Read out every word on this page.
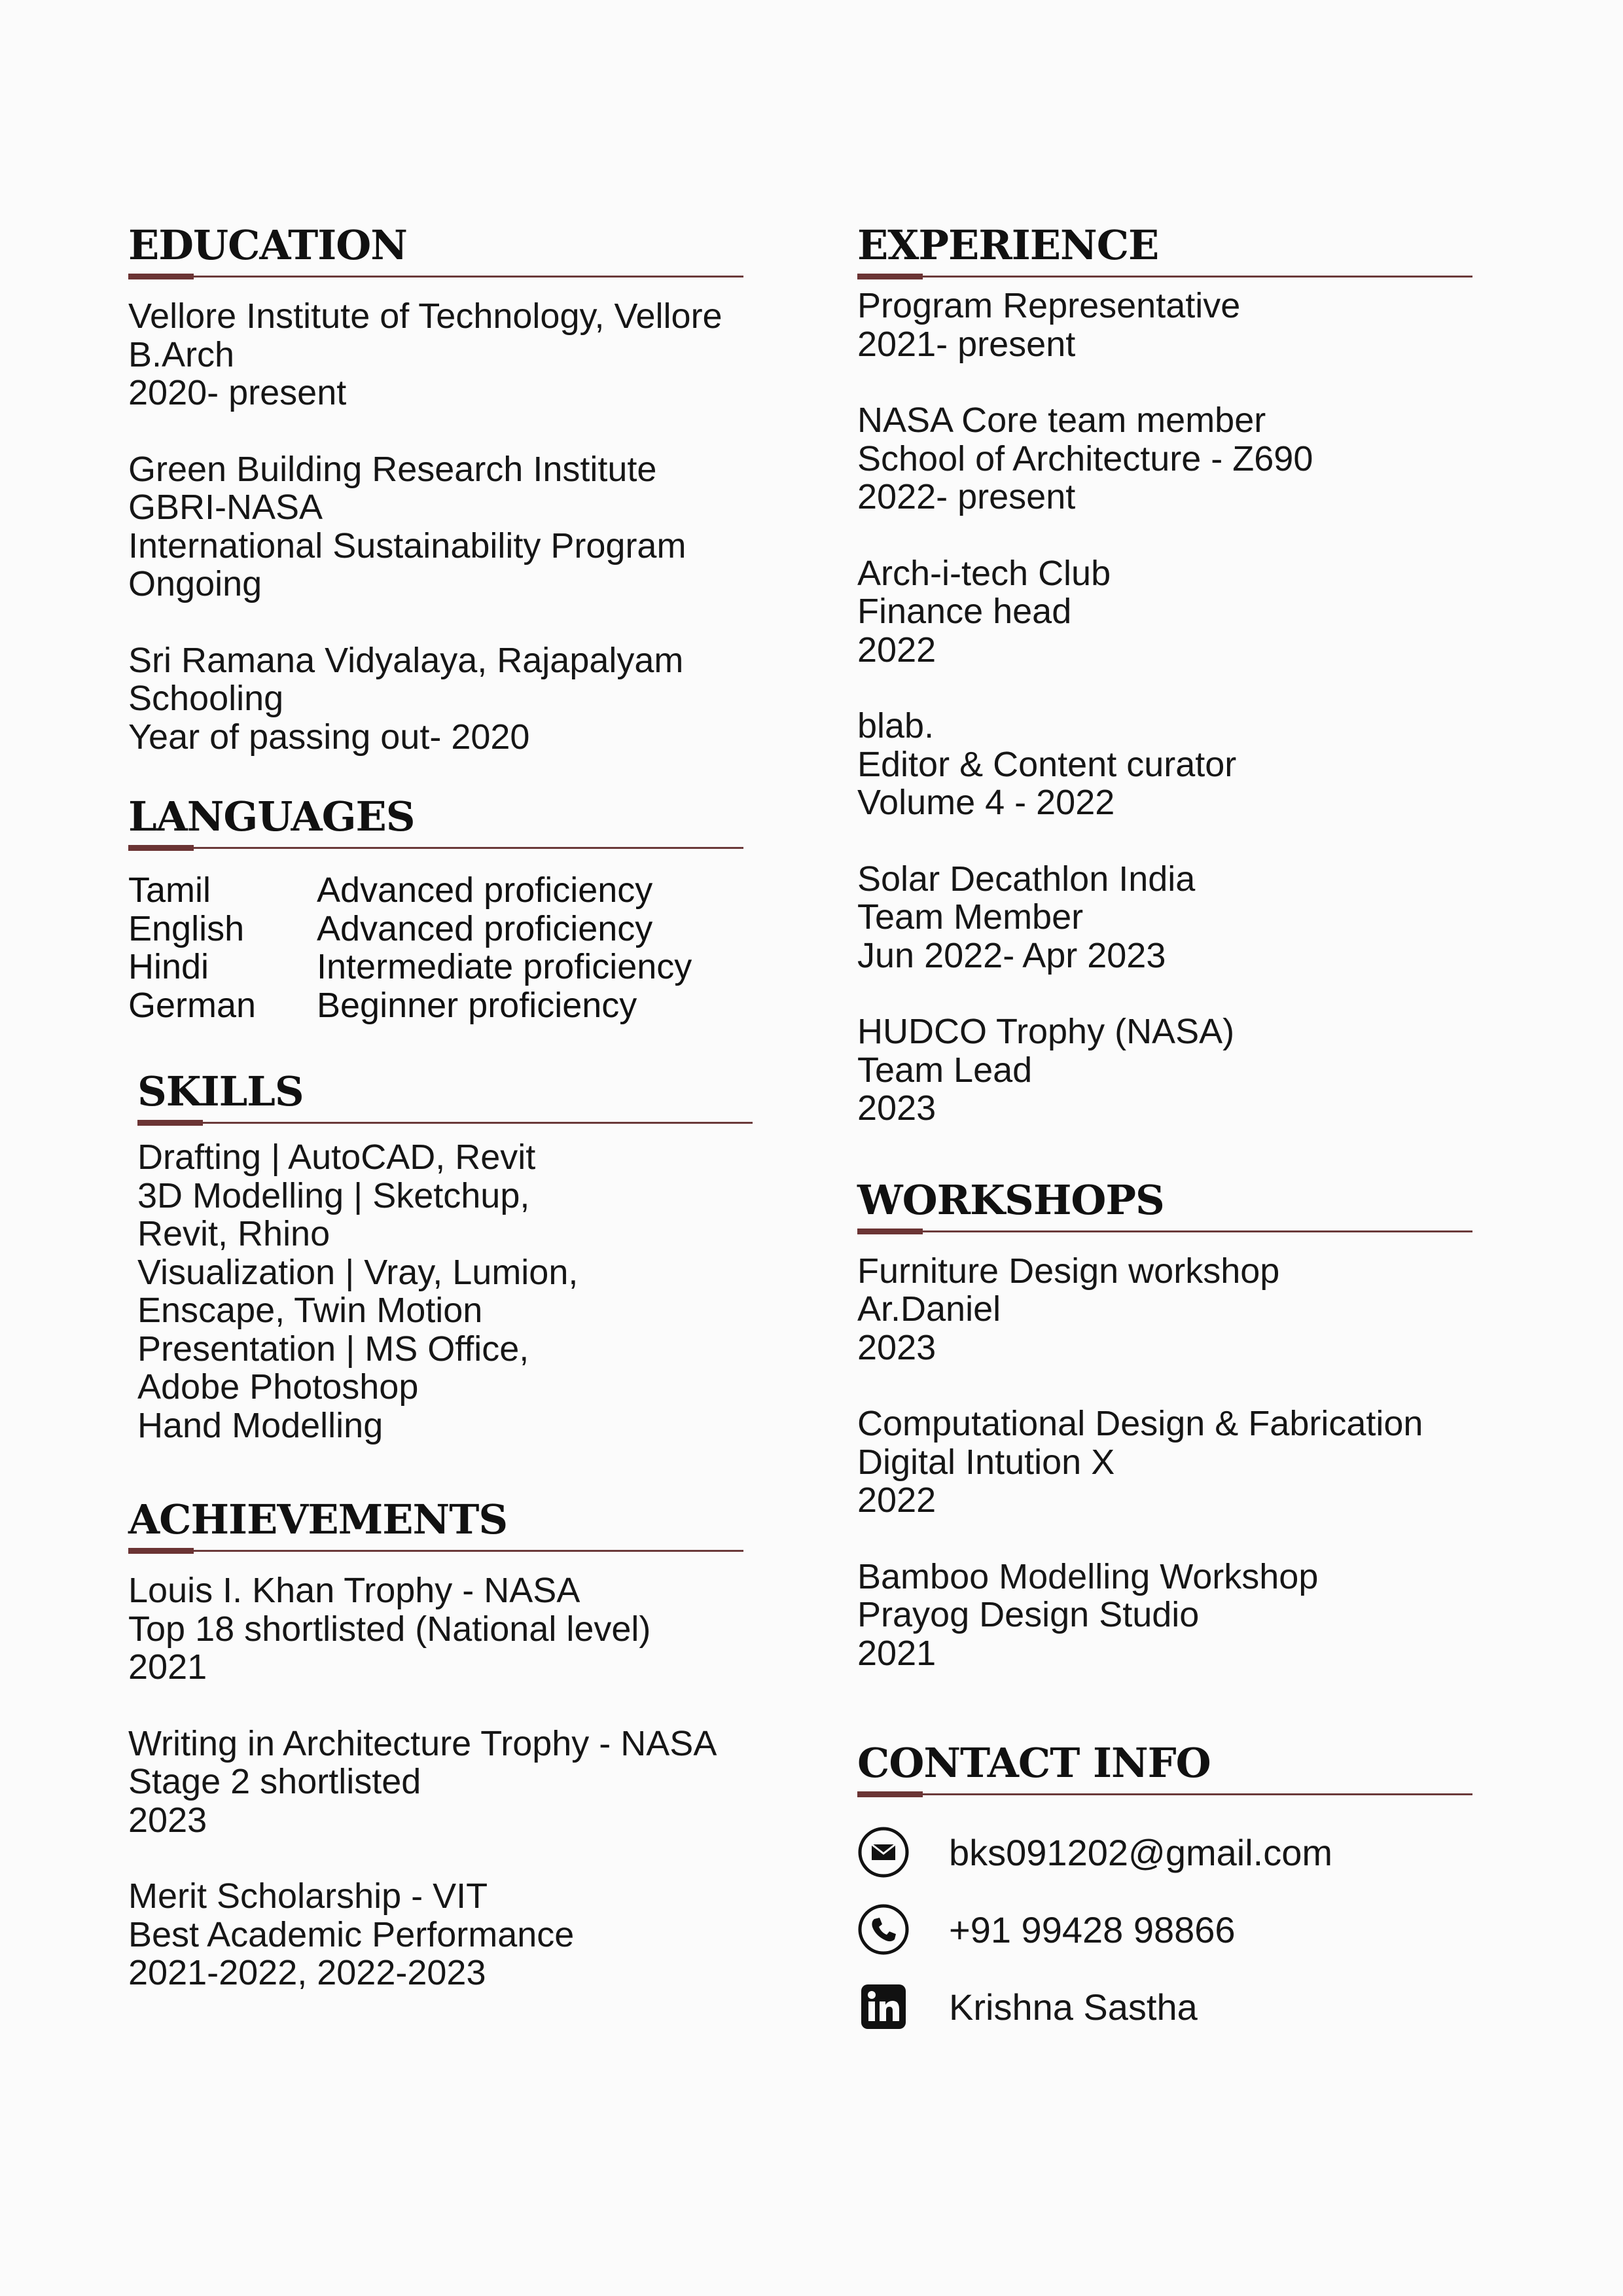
EDUCATION
Vellore Institute of Technology, Vellore
B.Arch
2020- present
Green Building Research Institute
GBRI-NASA
International Sustainability Program
Ongoing
Sri Ramana Vidyalaya, Rajapalyam
Schooling
Year of passing out- 2020
LANGUAGES
Tamil	Advanced proficiency
English	Advanced proficiency
Hindi	Intermediate proficiency
German	Beginner proficiency
SKILLS
Drafting | AutoCAD, Revit
3D Modelling | Sketchup,
Revit, Rhino
Visualization | Vray, Lumion,
Enscape, Twin Motion
Presentation | MS Office,
Adobe Photoshop
Hand Modelling
ACHIEVEMENTS
Louis I. Khan Trophy - NASA
Top 18 shortlisted (National level)
2021
Writing in Architecture Trophy - NASA
Stage 2 shortlisted
2023
Merit Scholarship - VIT
Best Academic Performance
2021-2022, 2022-2023
EXPERIENCE
Program Representative
2021- present
NASA Core team member
School of Architecture - Z690
2022- present
Arch-i-tech Club
Finance head
2022
blab.
Editor & Content curator
Volume 4 - 2022
Solar Decathlon India
Team Member
Jun 2022- Apr 2023
HUDCO Trophy (NASA)
Team Lead
2023
WORKSHOPS
Furniture Design workshop
Ar.Daniel
2023
Computational Design & Fabrication
Digital Intution X
2022
Bamboo Modelling Workshop
Prayog Design Studio
2021
CONTACT INFO
bks091202@gmail.com
+91 99428 98866
Krishna Sastha
